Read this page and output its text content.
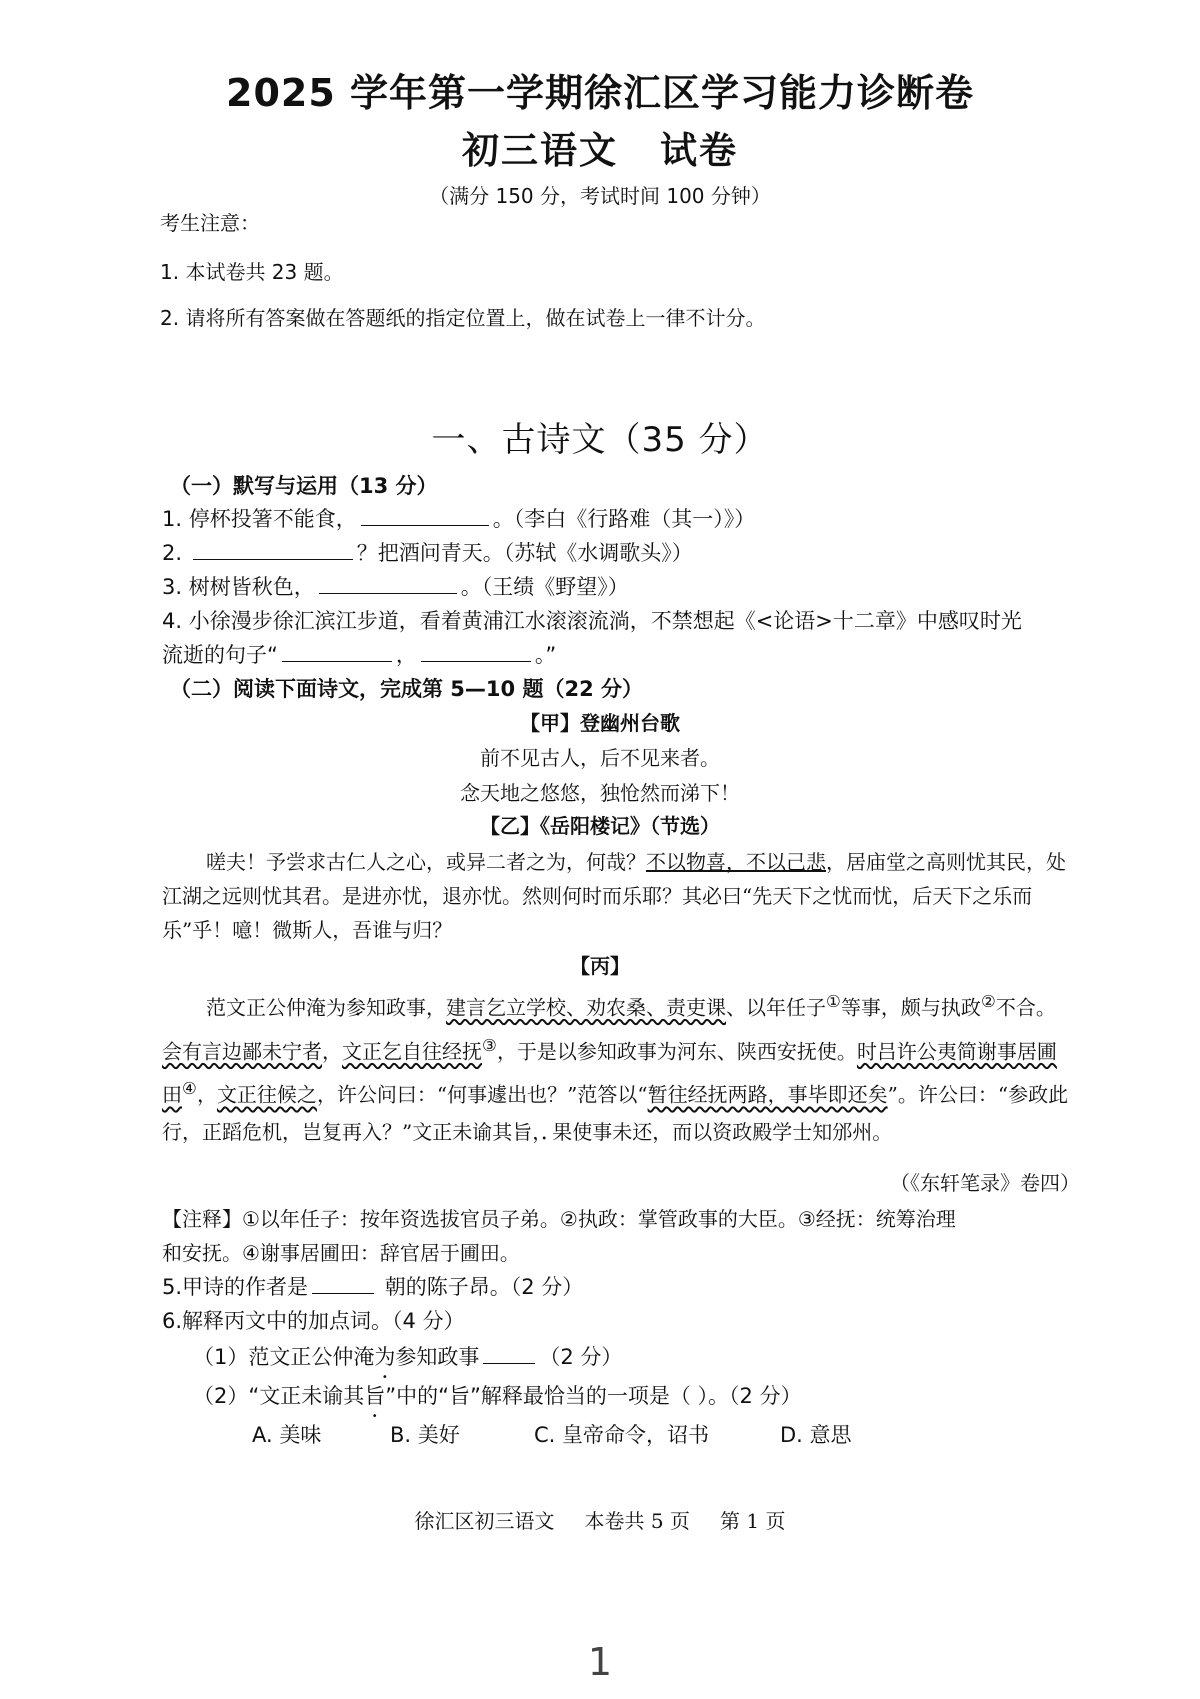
2025 学年第一学期徐汇区学习能力诊断卷
初三语文 试卷
（满分 150 分，考试时间 100 分钟）
考生注意：
1. 本试卷共 23 题。
2. 请将所有答案做在答题纸的指定位置上，做在试卷上一律不计分。
一、古诗文（35 分）
（一）默写与运用（13 分）
1. 停杯投箸不能食，	。（李白《行路难（其一）》）
2.	？把酒问青天。（苏轼《水调歌头》）
3. 树树皆秋色，	。（王绩《野望》）
4. 小徐漫步徐汇滨江步道，看着黄浦江水滚滚流淌，不禁想起《<论语>十二章》中感叹时光
流逝的句子“	，	。”
（二）阅读下面诗文，完成第 5—10 题（22 分）
【甲】登幽州台歌
前不见古人，后不见来者。
念天地之悠悠，独怆然而涕下！
【乙】《岳阳楼记》（节选）

嗟夫！予尝求古仁人之心，或异二者之为，何哉？不以物喜，不以己悲，居庙堂之高则忧其民，处江湖之远则忧其君。是进亦忧，退亦忧。然则何时而乐耶？其必曰“先天下之忧而忧，后天下之乐而乐”乎！噫！微斯人，吾谁与归？

【丙】

范文正公仲淹为参知政事，建言乞立学校、劝农桑、责吏课、以年任子①等事，颇与执政②不合。会有言边鄙未宁者，文正乞自往经抚③，于是以参知政事为河东、陕西安抚使。时吕许公夷简谢事居圃田④，文正往候之，许公问曰：“何事遽出也？”范答以“暂往经抚两路，事毕即还矣”。许公曰：“参政此行，正蹈危机，岂复再入？”文正未谕其旨，果使事未还，而以资政殿学士知邠州。

（《东轩笔录》卷四）
【注释】①以年任子：按年资选拔官员子弟。②执政：掌管政事的大臣。③经抚：统筹治理
和安抚。④谢事居圃田：辞官居于圃田。
5.甲诗的作者是	朝的陈子昂。（2 分）
6.解释丙文中的加点词。（4 分）
（1）范文正公仲淹为参知政事	（2 分）
（2）“文正未谕其旨”中的“旨”解释最恰当的一项是（ ）。（2 分）
A. 美味	B. 美好	C. 皇帝命令，诏书	D. 意思
徐汇区初三语文 本卷共 5 页 第 1 页
1
